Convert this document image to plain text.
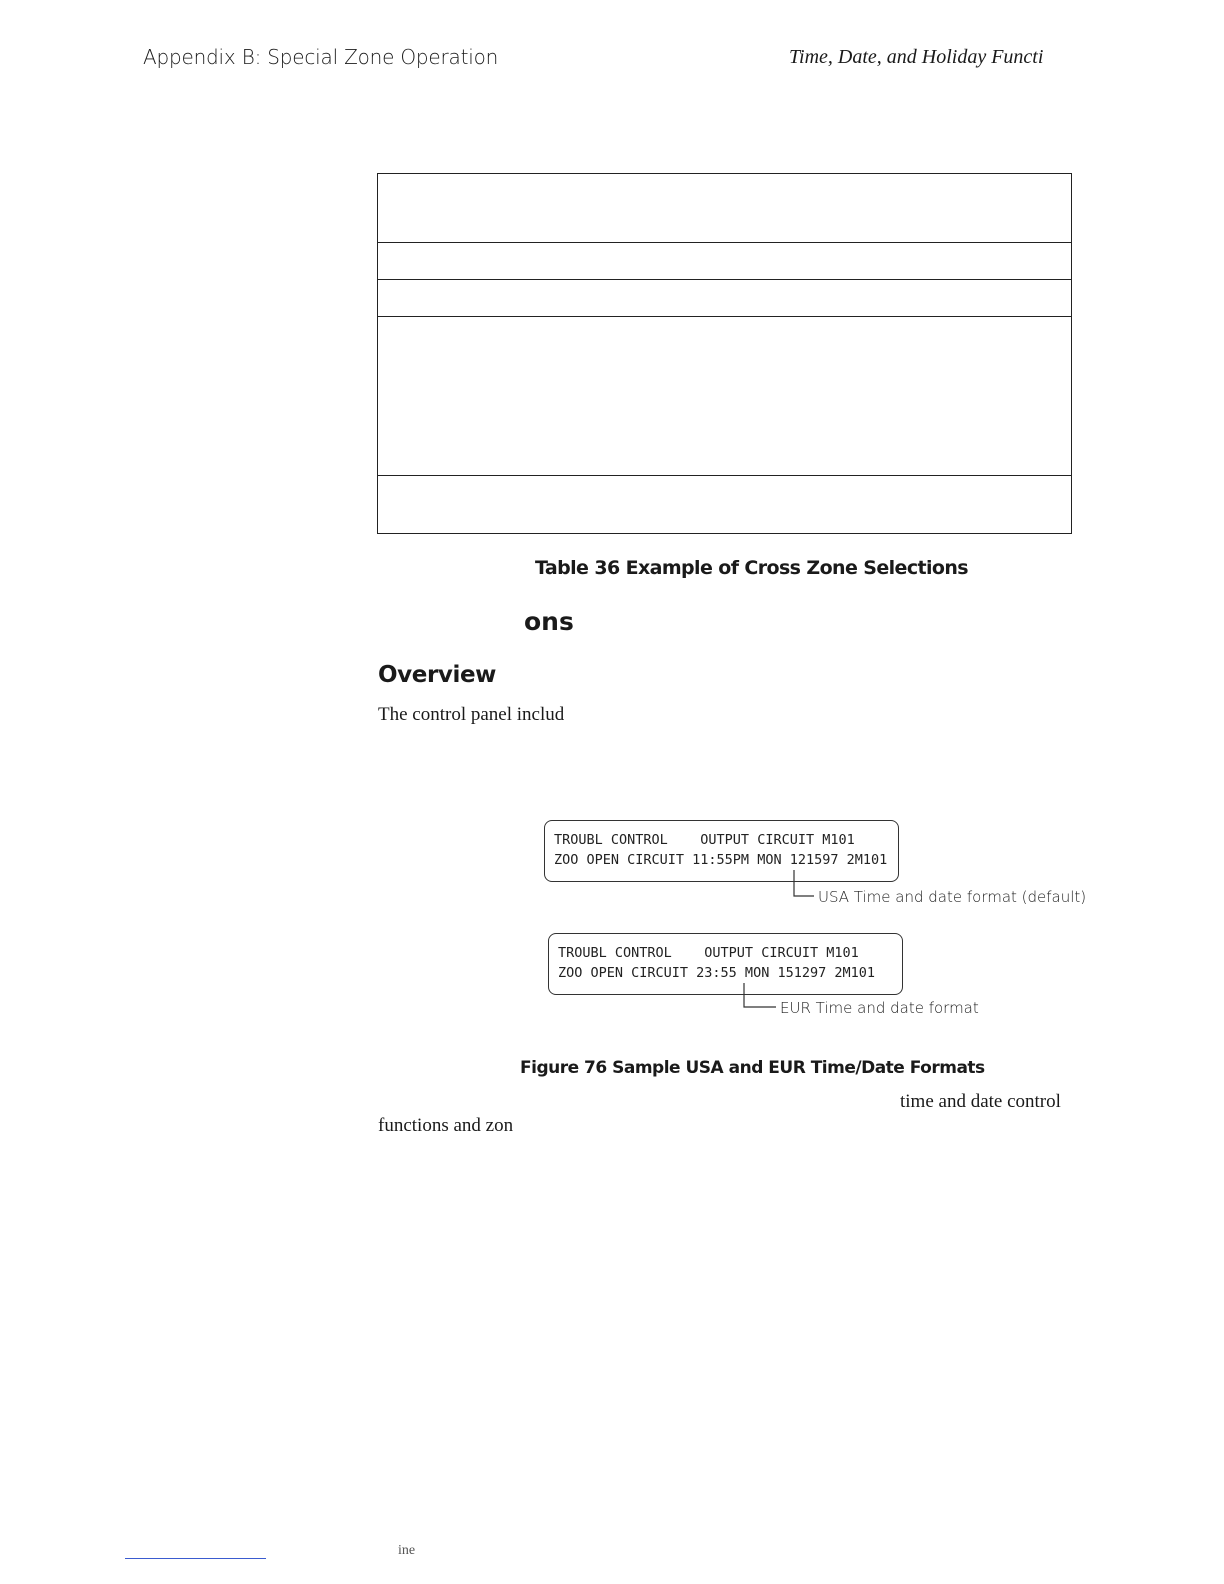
Appendix B: Special Zone Operation	Time, Date, and Holiday Functi
Table 36 Example of Cross Zone Selections
ons
Overview
The control panel includ
TROUBL CONTROL    OUTPUT CIRCUIT M101
ZOO OPEN CIRCUIT 11:55PM MON 121597 2M101
USA Time and date format (default)
TROUBL CONTROL    OUTPUT CIRCUIT M101
ZOO OPEN CIRCUIT 23:55 MON 151297 2M101
EUR Time and date format
Figure 76 Sample USA and EUR Time/Date Formats
time and date control
functions and zon
ine
